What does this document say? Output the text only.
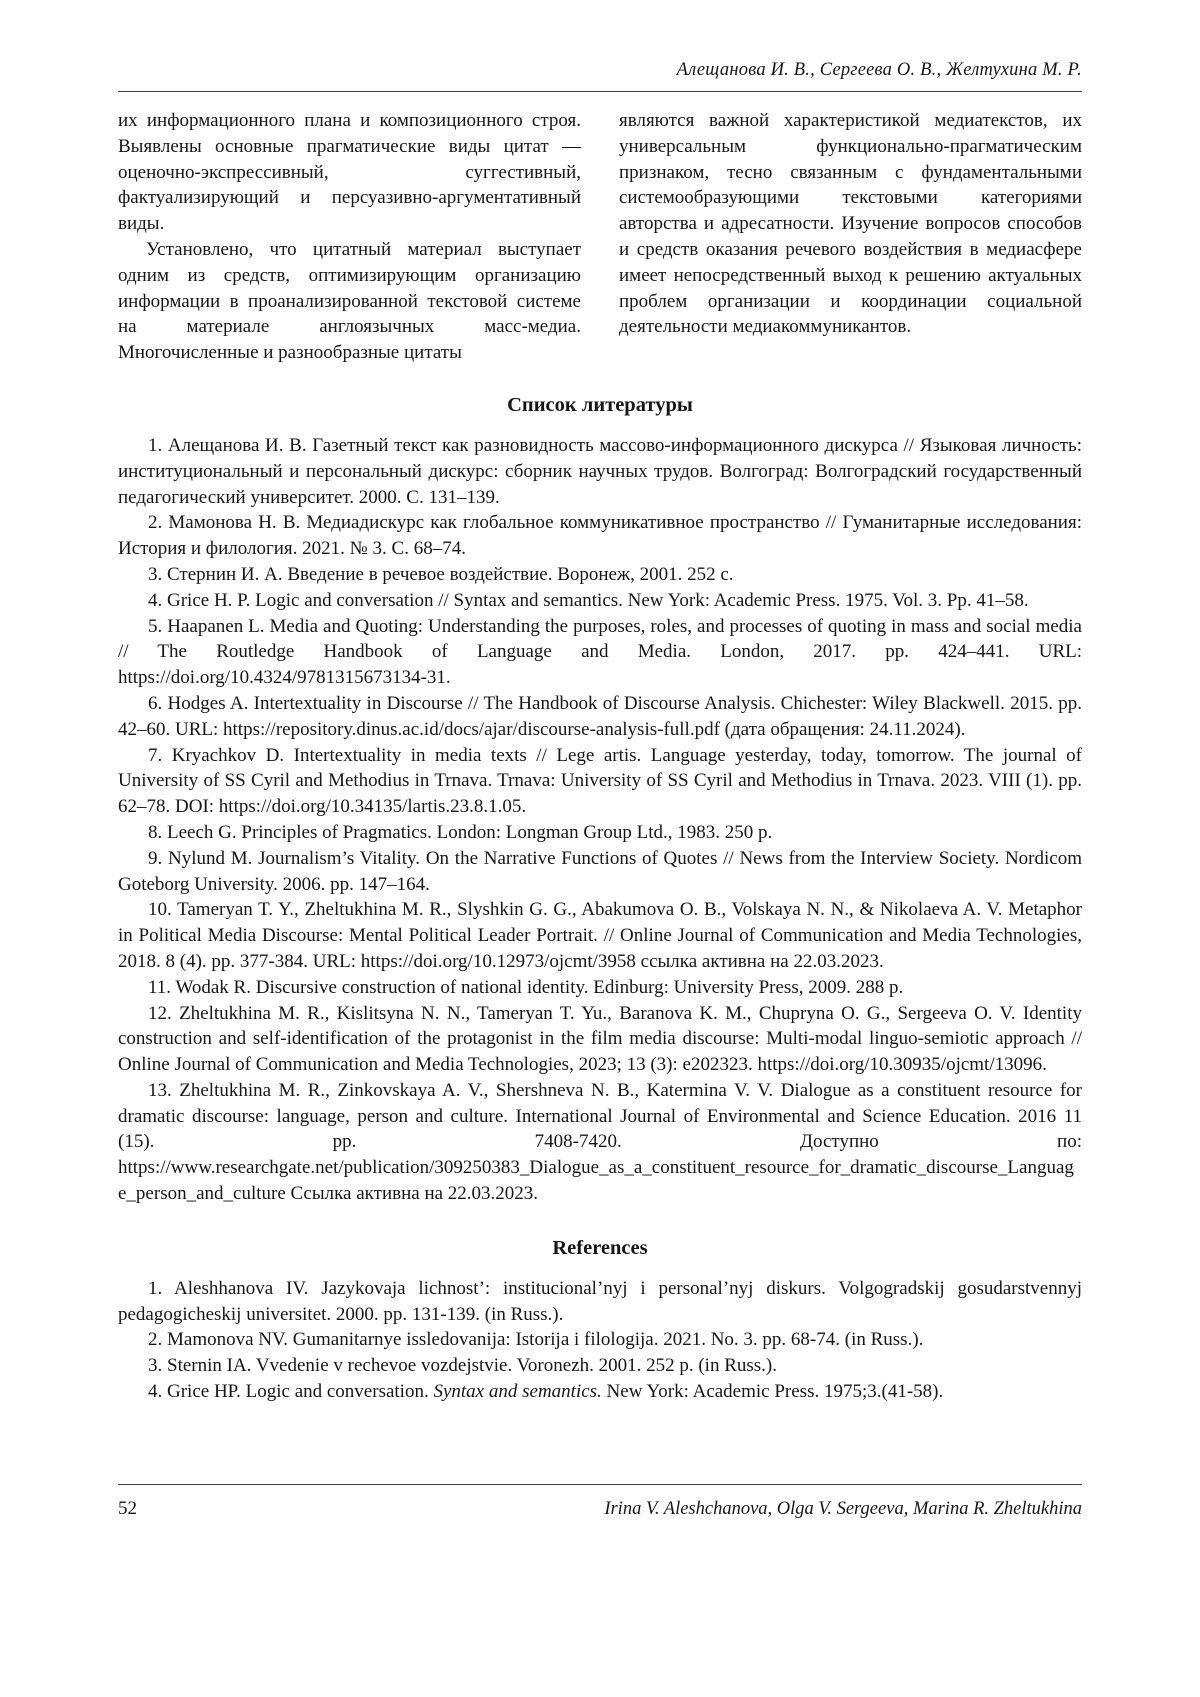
Алещанова И. В., Сергеева О. В., Желтухина М. Р.

их информационного плана и композиционного строя. Выявлены основные прагматические виды цитат — оценочно-экспрессивный, суггестивный, фактуализирующий и персуазивно-аргументативный виды.

Установлено, что цитатный материал выступает одним из средств, оптимизирующим организацию информации в проанализированной текстовой системе на материале англоязычных масс-медиа. Многочисленные и разнообразные цитаты

являются важной характеристикой медиатекстов, их универсальным функционально-прагматическим признаком, тесно связанным с фундаментальными системообразующими текстовыми категориями авторства и адресатности. Изучение вопросов способов и средств оказания речевого воздействия в медиасфере имеет непосредственный выход к решению актуальных проблем организации и координации социальной деятельности медиакоммуникантов.

Список литературы

1. Алещанова И. В. Газетный текст как разновидность массово-информационного дискурса // Языковая личность: институциональный и персональный дискурс: сборник научных трудов. Волгоград: Волгоградский государственный педагогический университет. 2000. С. 131–139.

2. Мамонова Н. В. Медиадискурс как глобальное коммуникативное пространство // Гуманитарные исследования: История и филология. 2021. № 3. С. 68–74.

3. Стернин И. А. Введение в речевое воздействие. Воронеж, 2001. 252 с.

4. Grice H. P. Logic and conversation // Syntax and semantics. New York: Academic Press. 1975. Vol. 3. Pp. 41–58.

5. Haapanen L. Media and Quoting: Understanding the purposes, roles, and processes of quoting in mass and social media // The Routledge Handbook of Language and Media. London, 2017. pp. 424–441. URL: https://doi.org/10.4324/9781315673134-31.

6. Hodges A. Intertextuality in Discourse // The Handbook of Discourse Analysis. Chichester: Wiley Blackwell. 2015. pp. 42–60. URL: https://repository.dinus.ac.id/docs/ajar/discourse-analysis-full.pdf (дата обращения: 24.11.2024).

7. Kryachkov D. Intertextuality in media texts // Lege artis. Language yesterday, today, tomorrow. The journal of University of SS Cyril and Methodius in Trnava. Trnava: University of SS Cyril and Methodius in Trnava. 2023. VIII (1). pp. 62–78. DOI: https://doi.org/10.34135/lartis.23.8.1.05.

8. Leech G. Principles of Pragmatics. London: Longman Group Ltd., 1983. 250 p.

9. Nylund M. Journalism’s Vitality. On the Narrative Functions of Quotes // News from the Interview Society. Nordicom Goteborg University. 2006. pp. 147–164.

10. Tameryan T. Y., Zheltukhina M. R., Slyshkin G. G., Abakumova O. B., Volskaya N. N., & Nikolaeva A. V. Metaphor in Political Media Discourse: Mental Political Leader Portrait. // Online Journal of Communication and Media Technologies, 2018. 8 (4). pp. 377-384. URL: https://doi.org/10.12973/ojcmt/3958 ссылка активна на 22.03.2023.

11. Wodak R. Discursive construction of national identity. Edinburg: University Press, 2009. 288 p.

12. Zheltukhina M. R., Kislitsyna N. N., Tameryan T. Yu., Baranova K. M., Chupryna O. G., Sergeeva O. V. Identity construction and self-identification of the protagonist in the film media discourse: Multi-modal linguo-semiotic approach // Online Journal of Communication and Media Technologies, 2023; 13 (3): e202323. https://doi.org/10.30935/ojcmt/13096.

13. Zheltukhina M. R., Zinkovskaya A. V., Shershneva N. B., Katermina V. V. Dialogue as a constituent resource for dramatic discourse: language, person and culture. International Journal of Environmental and Science Education. 2016 11 (15). pp. 7408-7420. Доступно по: https://www.researchgate.net/publication/309250383_Dialogue_as_a_constituent_resource_for_dramatic_discourse_Language_person_and_culture Ссылка активна на 22.03.2023.

References

1. Aleshhanova IV. Jazykovaja lichnost’: institucional’nyj i personal’nyj diskurs. Volgogradskij gosudarstvennyj pedagogicheskij universitet. 2000. pp. 131-139. (in Russ.).

2. Mamonova NV. Gumanitarnye issledovanija: Istorija i filologija. 2021. No. 3. pp. 68-74. (in Russ.).

3. Sternin IA. Vvedenie v rechevoe vozdejstvie. Voronezh. 2001. 252 p. (in Russ.).

4. Grice HP. Logic and conversation. Syntax and semantics. New York: Academic Press. 1975;3.(41-58).

52	Irina V. Aleshchanova, Olga V. Sergeeva, Marina R. Zheltukhina
